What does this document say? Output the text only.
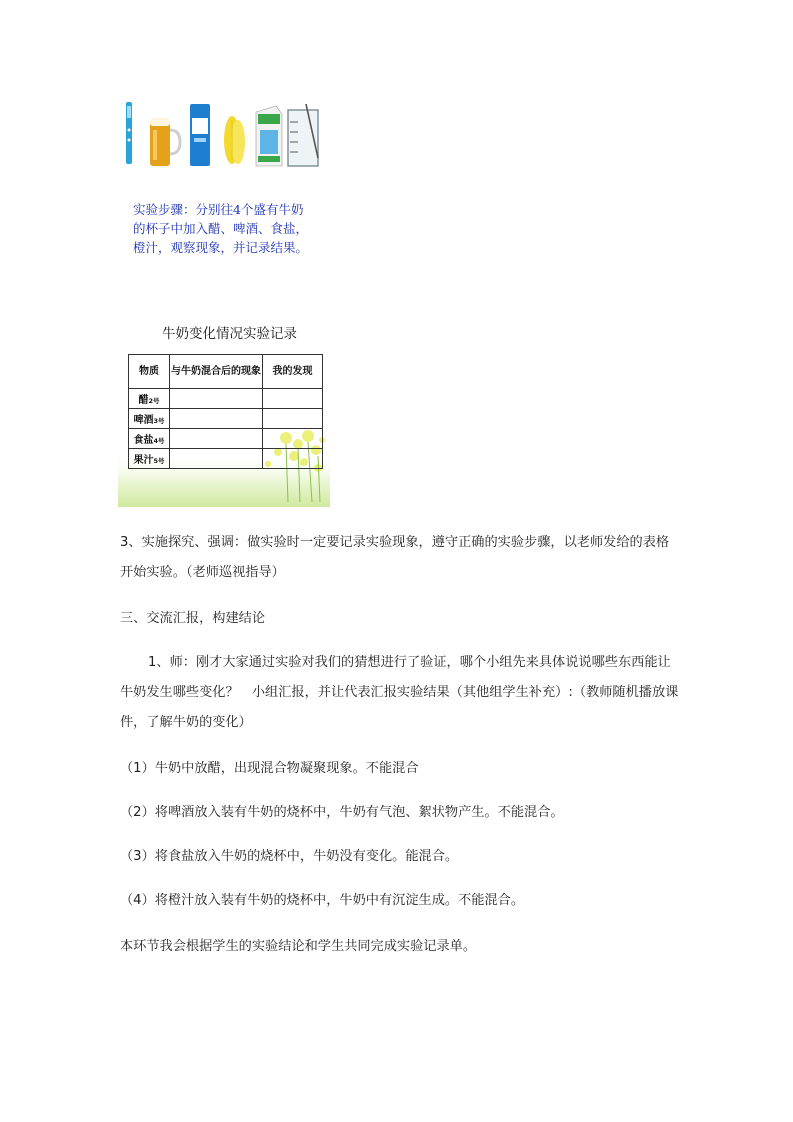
实验步骤：分别往4个盛有牛奶的杯子中加入醋、啤酒、食盐，橙汁，观察现象，并记录结果。
牛奶变化情况实验记录
物质	与牛奶混合后的现象	我的发现
醋2号		
啤酒3号		
食盐4号		
果汁5号		
3、实施探究、强调：做实验时一定要记录实验现象，遵守正确的实验步骤，以老师发给的表格开始实验。（老师巡视指导）
三、交流汇报，构建结论
1、师：刚才大家通过实验对我们的猜想进行了验证，哪个小组先来具体说说哪些东西能让牛奶发生哪些变化？　小组汇报，并让代表汇报实验结果（其他组学生补充）:（教师随机播放课件，了解牛奶的变化）
（1）牛奶中放醋，出现混合物凝聚现象。不能混合
（2）将啤酒放入装有牛奶的烧杯中，牛奶有气泡、絮状物产生。不能混合。
（3）将食盐放入牛奶的烧杯中，牛奶没有变化。能混合。
（4）将橙汁放入装有牛奶的烧杯中，牛奶中有沉淀生成。不能混合。
本环节我会根据学生的实验结论和学生共同完成实验记录单。
